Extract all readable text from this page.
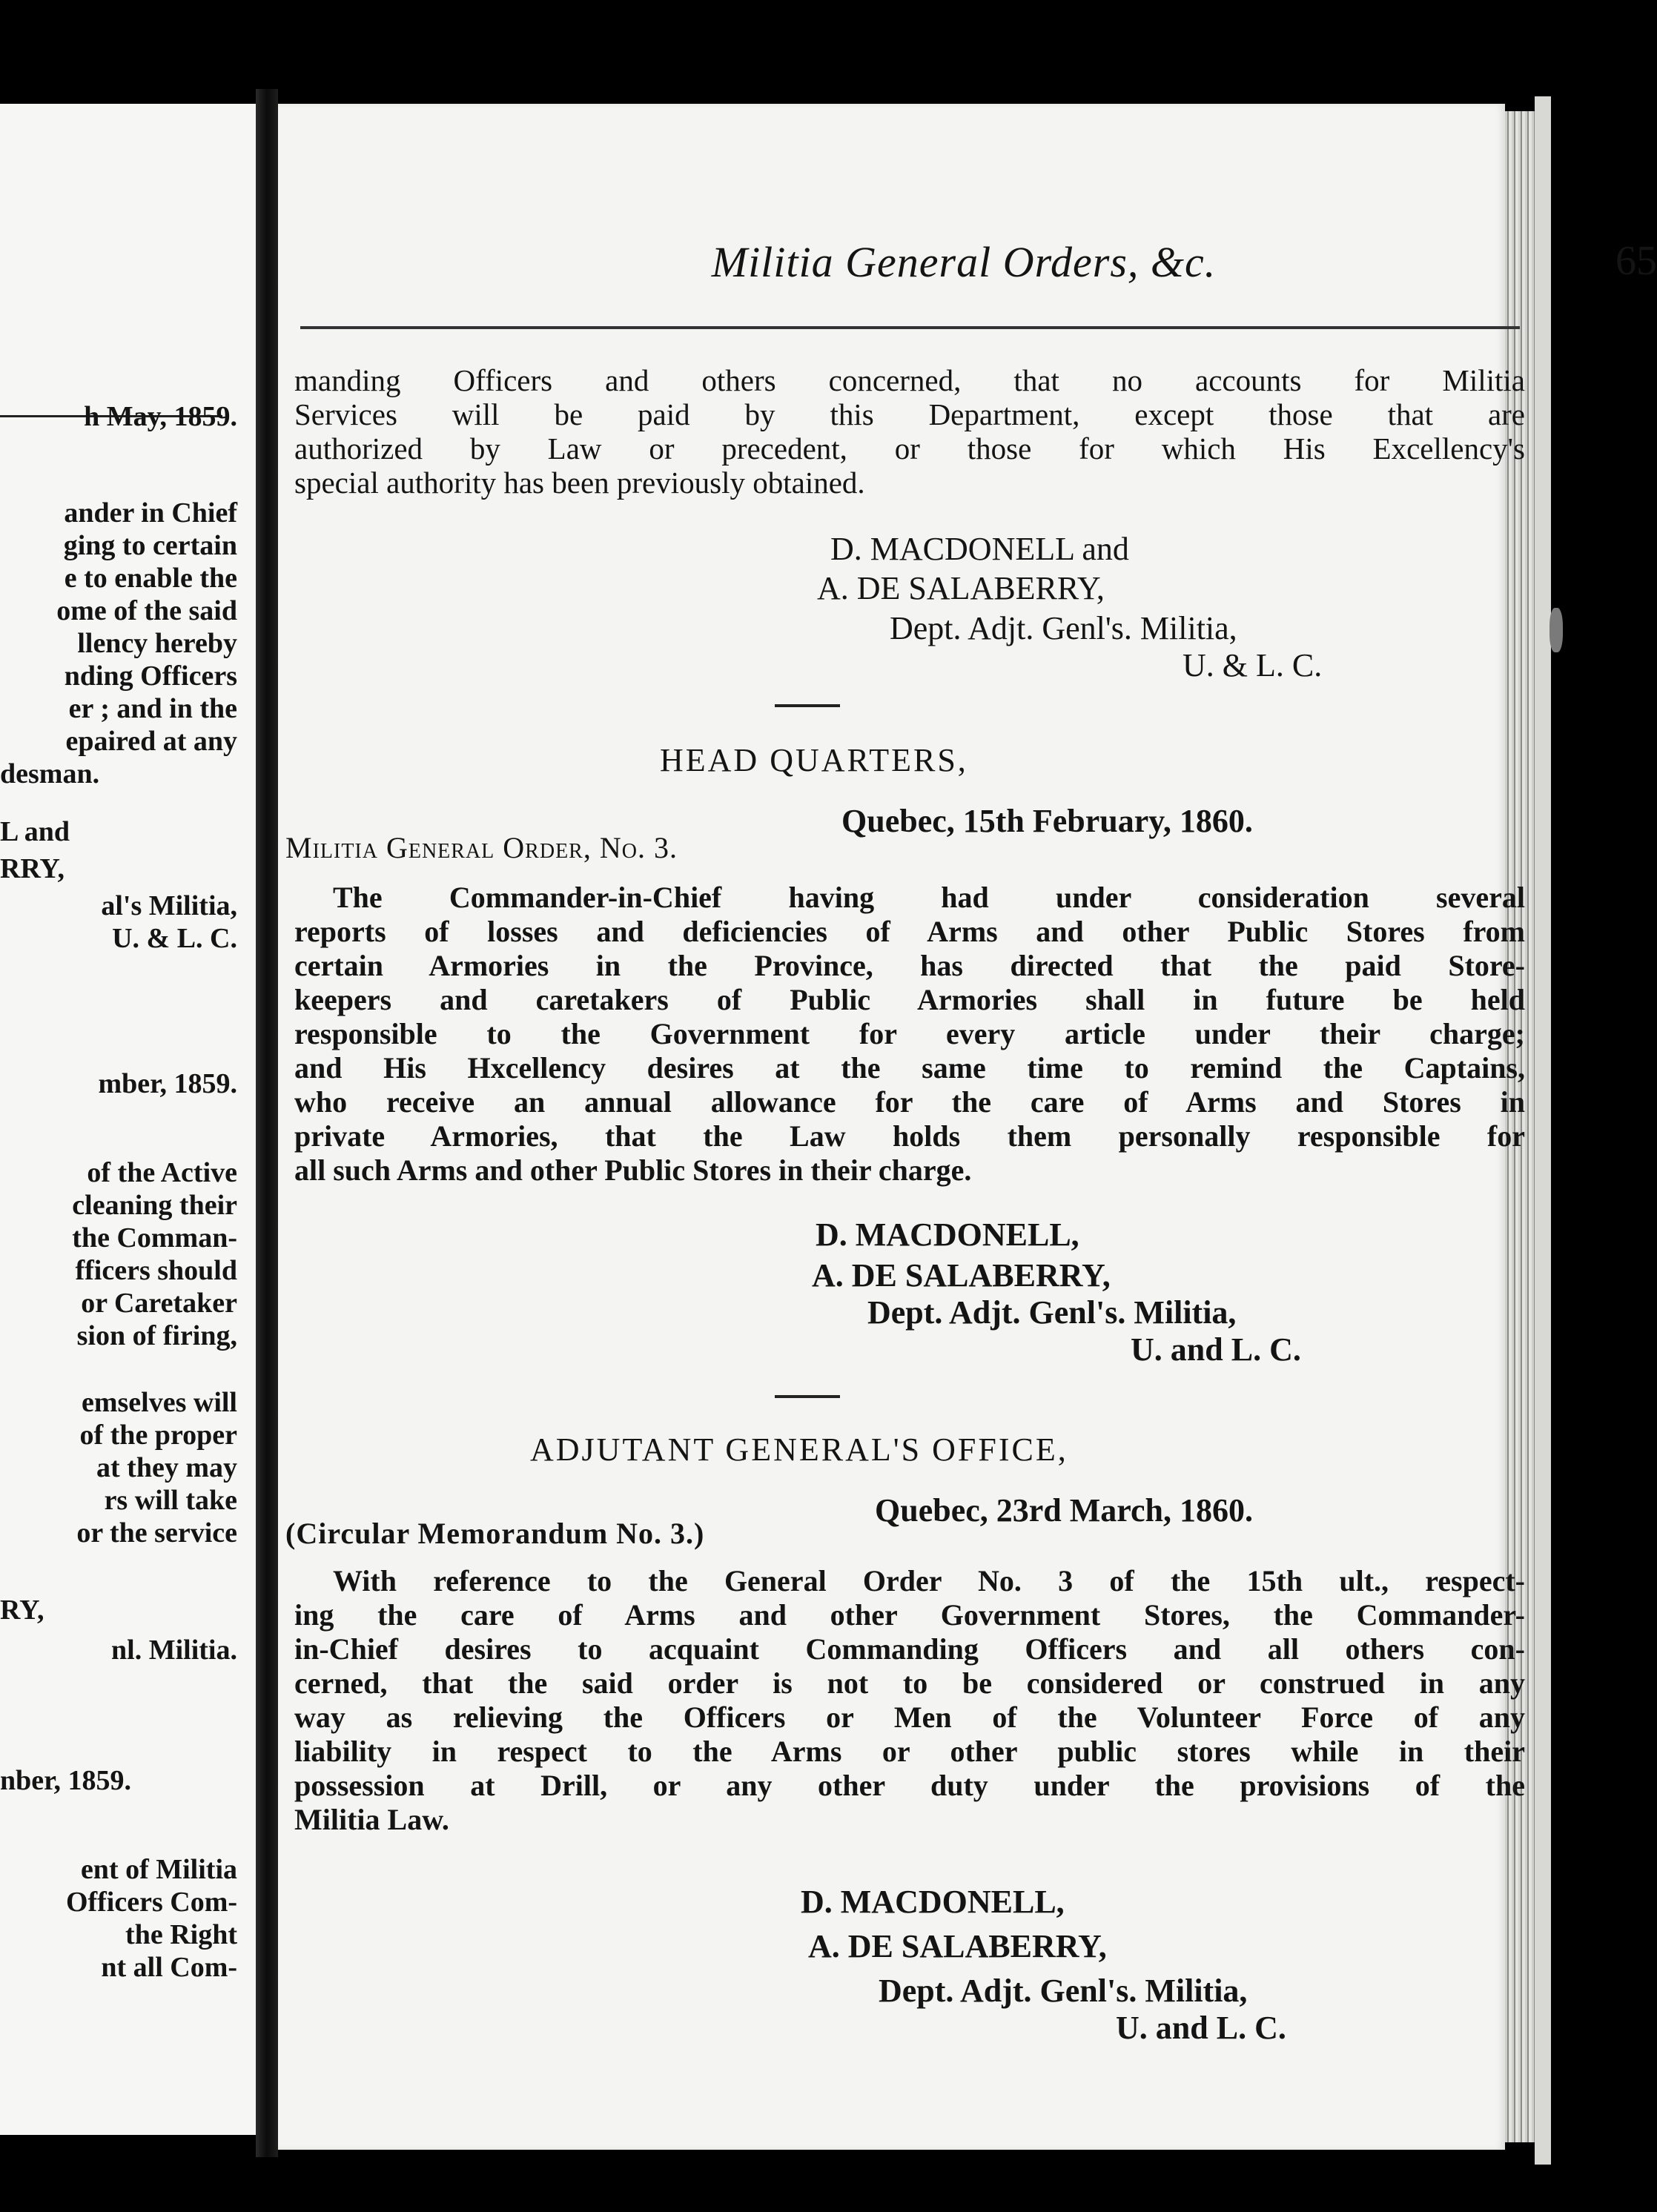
h May, 1859.
ander in Chief
ging to certain
e to enable the
ome of the said
llency hereby
nding Officers
er ; and in the
epaired at any
desman.
L and
RRY,
al's Militia,
U. & L. C.
mber, 1859.
of the Active
cleaning their
the Comman-
fficers should
or Caretaker
sion of firing,
emselves will
of the proper
at they may
rs will take
or the service
RY,
nl. Militia.
nber, 1859.
ent of Militia
Officers Com-
the Right
nt all Com-
Militia General Orders, &c.	65
manding Officers and others concerned, that no accounts for Militia
Services will be paid by this Department, except those that are
authorized by Law or precedent, or those for which His Excellency's
special authority has been previously obtained.
D. MACDONELL and
A. DE SALABERRY,
Dept. Adjt. Genl's. Militia,
U. & L. C.
HEAD QUARTERS,
Quebec, 15th February, 1860.
Militia General Order, No. 3.
The Commander-in-Chief having had under consideration several
reports of losses and deficiencies of Arms and other Public Stores from
certain Armories in the Province, has directed that the paid Store-
keepers and caretakers of Public Armories shall in future be held
responsible to the Government for every article under their charge;
and His Hxcellency desires at the same time to remind the Captains,
who receive an annual allowance for the care of Arms and Stores in
private Armories, that the Law holds them personally responsible for
all such Arms and other Public Stores in their charge.
D. MACDONELL,
A. DE SALABERRY,
Dept. Adjt. Genl's. Militia,
U. and L. C.
ADJUTANT GENERAL'S OFFICE,
Quebec, 23rd March, 1860.
(Circular Memorandum No. 3.)
With reference to the General Order No. 3 of the 15th ult., respect-
ing the care of Arms and other Government Stores, the Commander-
in-Chief desires to acquaint Commanding Officers and all others con-
cerned, that the said order is not to be considered or construed in any
way as relieving the Officers or Men of the Volunteer Force of any
liability in respect to the Arms or other public stores while in their
possession at Drill, or any other duty under the provisions of the
Militia Law.
D. MACDONELL,
A. DE SALABERRY,
Dept. Adjt. Genl's. Militia,
U. and L. C.
